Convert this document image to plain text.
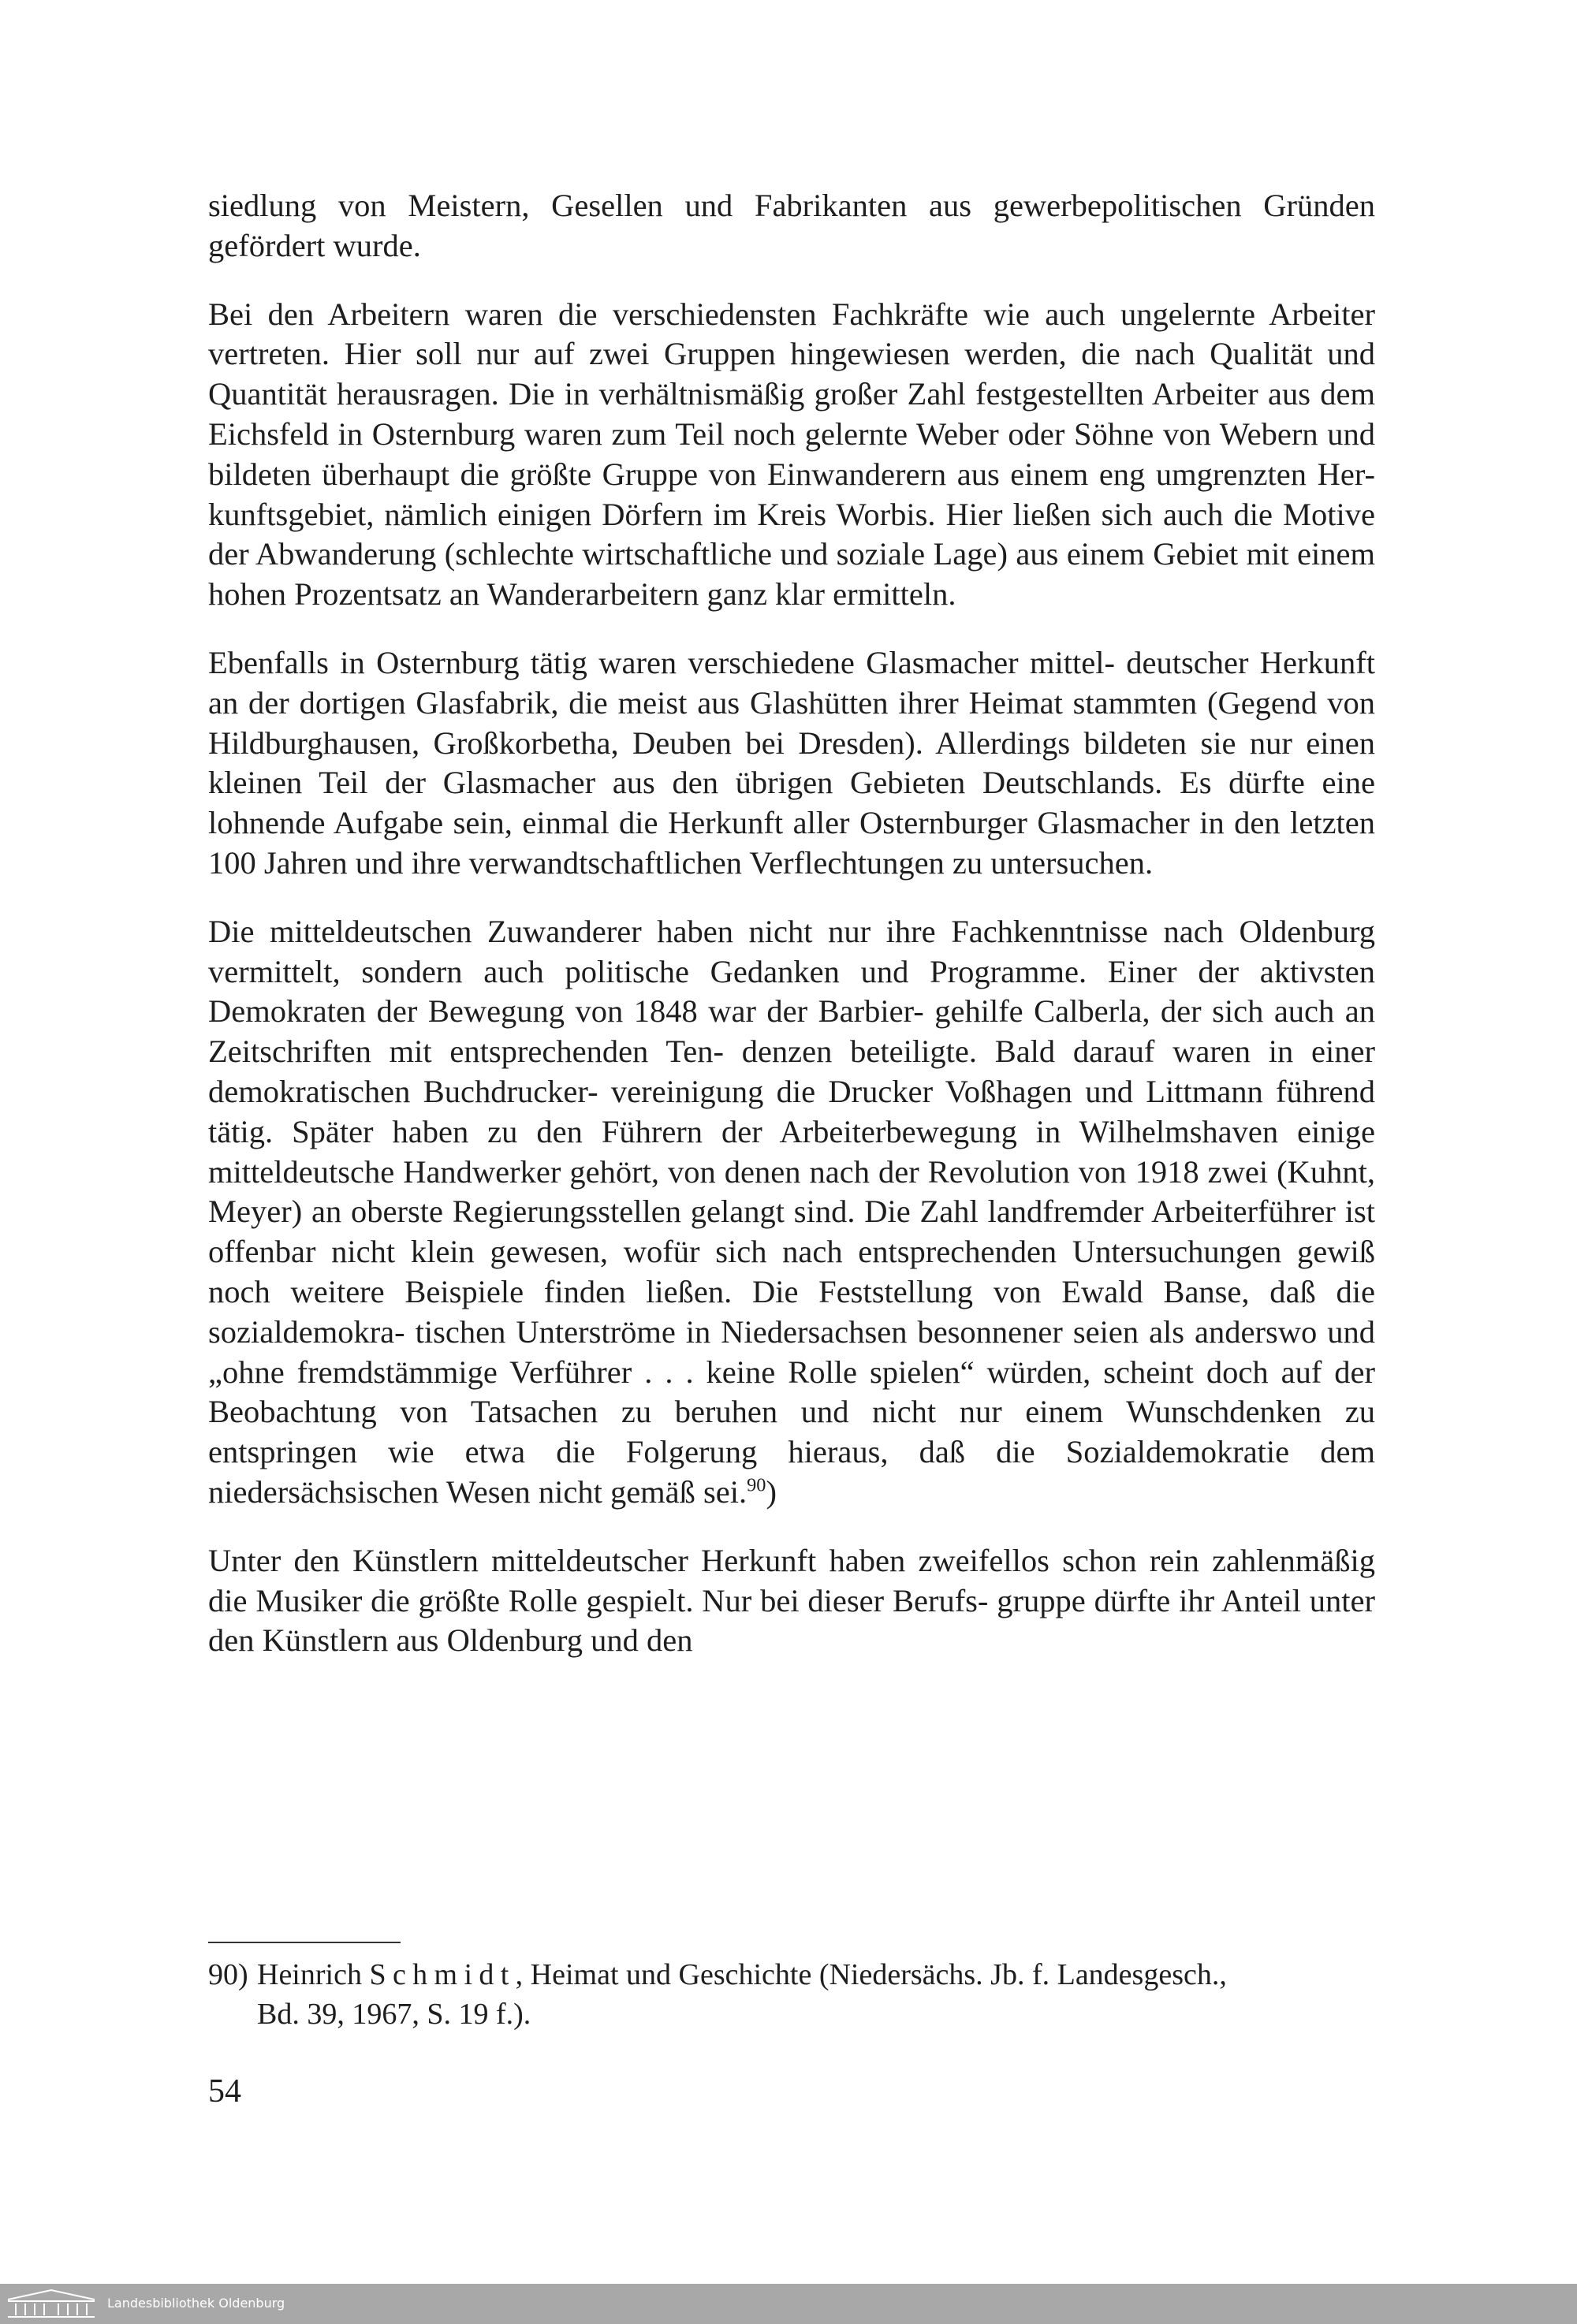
siedlung von Meistern, Gesellen und Fabrikanten aus gewerbepolitischen Gründen gefördert wurde.

Bei den Arbeitern waren die verschiedensten Fachkräfte wie auch ungelernte Arbeiter vertreten. Hier soll nur auf zwei Gruppen hingewiesen werden, die nach Qualität und Quantität herausragen. Die in verhältnismäßig großer Zahl festgestellten Arbeiter aus dem Eichsfeld in Osternburg waren zum Teil noch gelernte Weber oder Söhne von Webern und bildeten überhaupt die größte Gruppe von Einwanderern aus einem eng umgrenzten Her- kunftsgebiet, nämlich einigen Dörfern im Kreis Worbis. Hier ließen sich auch die Motive der Abwanderung (schlechte wirtschaftliche und soziale Lage) aus einem Gebiet mit einem hohen Prozentsatz an Wanderarbeitern ganz klar ermitteln.

Ebenfalls in Osternburg tätig waren verschiedene Glasmacher mittel- deutscher Herkunft an der dortigen Glasfabrik, die meist aus Glashütten ihrer Heimat stammten (Gegend von Hildburghausen, Großkorbetha, Deuben bei Dresden). Allerdings bildeten sie nur einen kleinen Teil der Glasmacher aus den übrigen Gebieten Deutschlands. Es dürfte eine lohnende Aufgabe sein, einmal die Herkunft aller Osternburger Glasmacher in den letzten 100 Jahren und ihre verwandtschaftlichen Verflechtungen zu untersuchen.

Die mitteldeutschen Zuwanderer haben nicht nur ihre Fachkenntnisse nach Oldenburg vermittelt, sondern auch politische Gedanken und Programme. Einer der aktivsten Demokraten der Bewegung von 1848 war der Barbier- gehilfe Calberla, der sich auch an Zeitschriften mit entsprechenden Ten- denzen beteiligte. Bald darauf waren in einer demokratischen Buchdrucker- vereinigung die Drucker Voßhagen und Littmann führend tätig. Später haben zu den Führern der Arbeiterbewegung in Wilhelmshaven einige mitteldeutsche Handwerker gehört, von denen nach der Revolution von 1918 zwei (Kuhnt, Meyer) an oberste Regierungsstellen gelangt sind. Die Zahl landfremder Arbeiterführer ist offenbar nicht klein gewesen, wofür sich nach entsprechenden Untersuchungen gewiß noch weitere Beispiele finden ließen. Die Feststellung von Ewald Banse, daß die sozialdemokra- tischen Unterströme in Niedersachsen besonnener seien als anderswo und „ohne fremdstämmige Verführer . . . keine Rolle spielen“ würden, scheint doch auf der Beobachtung von Tatsachen zu beruhen und nicht nur einem Wunschdenken zu entspringen wie etwa die Folgerung hieraus, daß die Sozialdemokratie dem niedersächsischen Wesen nicht gemäß sei.$^{90}$)

Unter den Künstlern mitteldeutscher Herkunft haben zweifellos schon rein zahlenmäßig die Musiker die größte Rolle gespielt. Nur bei dieser Berufs- gruppe dürfte ihr Anteil unter den Künstlern aus Oldenburg und den

90) Heinrich Schmidt, Heimat und Geschichte (Niedersächs. Jb. f. Landesgesch.,
Bd. 39, 1967, S. 19 f.).
54
Landesbibliothek Oldenburg
